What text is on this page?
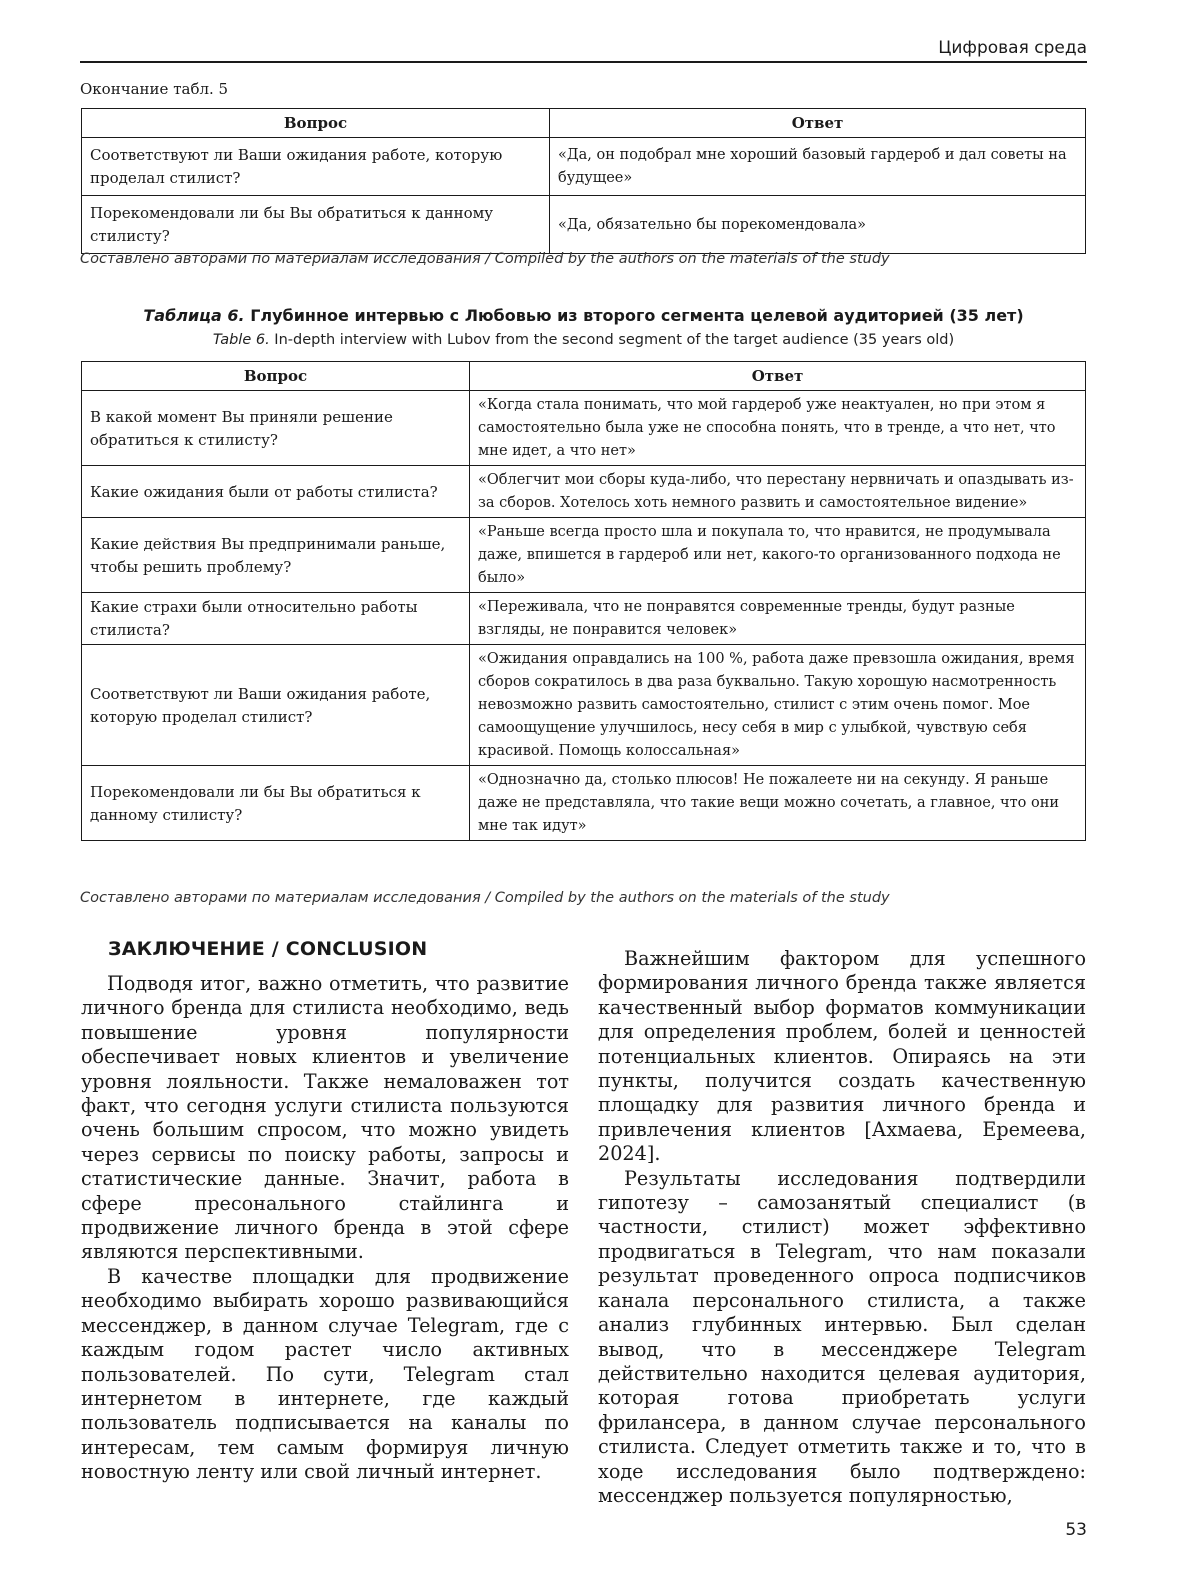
Цифровая среда
Окончание табл. 5
Вопрос	Ответ
Соответствуют ли Ваши ожидания работе, которую проделал стилист?	«Да, он подобрал мне хороший базовый гардероб и дал советы на будущее»
Порекомендовали ли бы Вы обратиться к данному стилисту?	«Да, обязательно бы порекомендовала»
Составлено авторами по материалам исследования / Compiled by the authors on the materials of the study
Таблица 6. Глубинное интервью с Любовью из второго сегмента целевой аудиторией (35 лет)
Table 6. In-depth interview with Lubov from the second segment of the target audience (35 years old)
Вопрос	Ответ
В какой момент Вы приняли решение обратиться к стилисту?	«Когда стала понимать, что мой гардероб уже неактуален, но при этом я самостоятельно была уже не способна понять, что в тренде, а что нет, что мне идет, а что нет»
Какие ожидания были от работы стилиста?	«Облегчит мои сборы куда-либо, что перестану нервничать и опаздывать из-за сборов. Хотелось хоть немного развить и самостоятельное видение»
Какие действия Вы предпринимали раньше, чтобы решить проблему?	«Раньше всегда просто шла и покупала то, что нравится, не продумывала даже, впишется в гардероб или нет, какого-то организованного подхода не было»
Какие страхи были относительно работы стилиста?	«Переживала, что не понравятся современные тренды, будут разные взгляды, не понравится человек»
Соответствуют ли Ваши ожидания работе, которую проделал стилист?	«Ожидания оправдались на 100 %, работа даже превзошла ожидания, время сборов сократилось в два раза буквально. Такую хорошую насмотренность невозможно развить самостоятельно, стилист с этим очень помог. Мое самоощущение улучшилось, несу себя в мир с улыбкой, чувствую себя красивой. Помощь колоссальная»
Порекомендовали ли бы Вы обратиться к данному стилисту?	«Однозначно да, столько плюсов! Не пожалеете ни на секунду. Я раньше даже не представляла, что такие вещи можно сочетать, а главное, что они мне так идут»
Составлено авторами по материалам исследования / Compiled by the authors on the materials of the study
ЗАКЛЮЧЕНИЕ / CONCLUSION

Подводя итог, важно отметить, что развитие личного бренда для стилиста необходимо, ведь повышение уровня популярности обеспечивает новых клиентов и увеличение уровня лояльности. Также немаловажен тот факт, что сегодня услуги стилиста пользуются очень большим спросом, что можно увидеть через сервисы по поиску работы, запросы и статистические данные. Значит, работа в сфере пресонального стайлинга и продвижение личного бренда в этой сфере являются перспективными.

В качестве площадки для продвижение необходимо выбирать хорошо развивающийся мессенджер, в данном случае Telegram, где с каждым годом растет число активных пользователей. По сути, Telegram стал интернетом в интернете, где каждый пользователь подписывается на каналы по интересам, тем самым формируя личную новостную ленту или свой личный интернет.

Важнейшим фактором для успешного формирования личного бренда также является качественный выбор форматов коммуникации для определения проблем, болей и ценностей потенциальных клиентов. Опираясь на эти пункты, получится создать качественную площадку для развития личного бренда и привлечения клиентов [Ахмаева, Еремеева, 2024].

Результаты исследования подтвердили гипотезу – самозанятый специалист (в частности, стилист) может эффективно продвигаться в Telegram, что нам показали результат проведенного опроса подписчиков канала персонального стилиста, а также анализ глубинных интервью. Был сделан вывод, что в мессенджере Telegram действительно находится целевая аудитория, которая готова приобретать услуги фрилансера, в данном случае персонального стилиста. Следует отметить также и то, что в ходе исследования было подтверждено: мессенджер пользуется популярностью,

53
